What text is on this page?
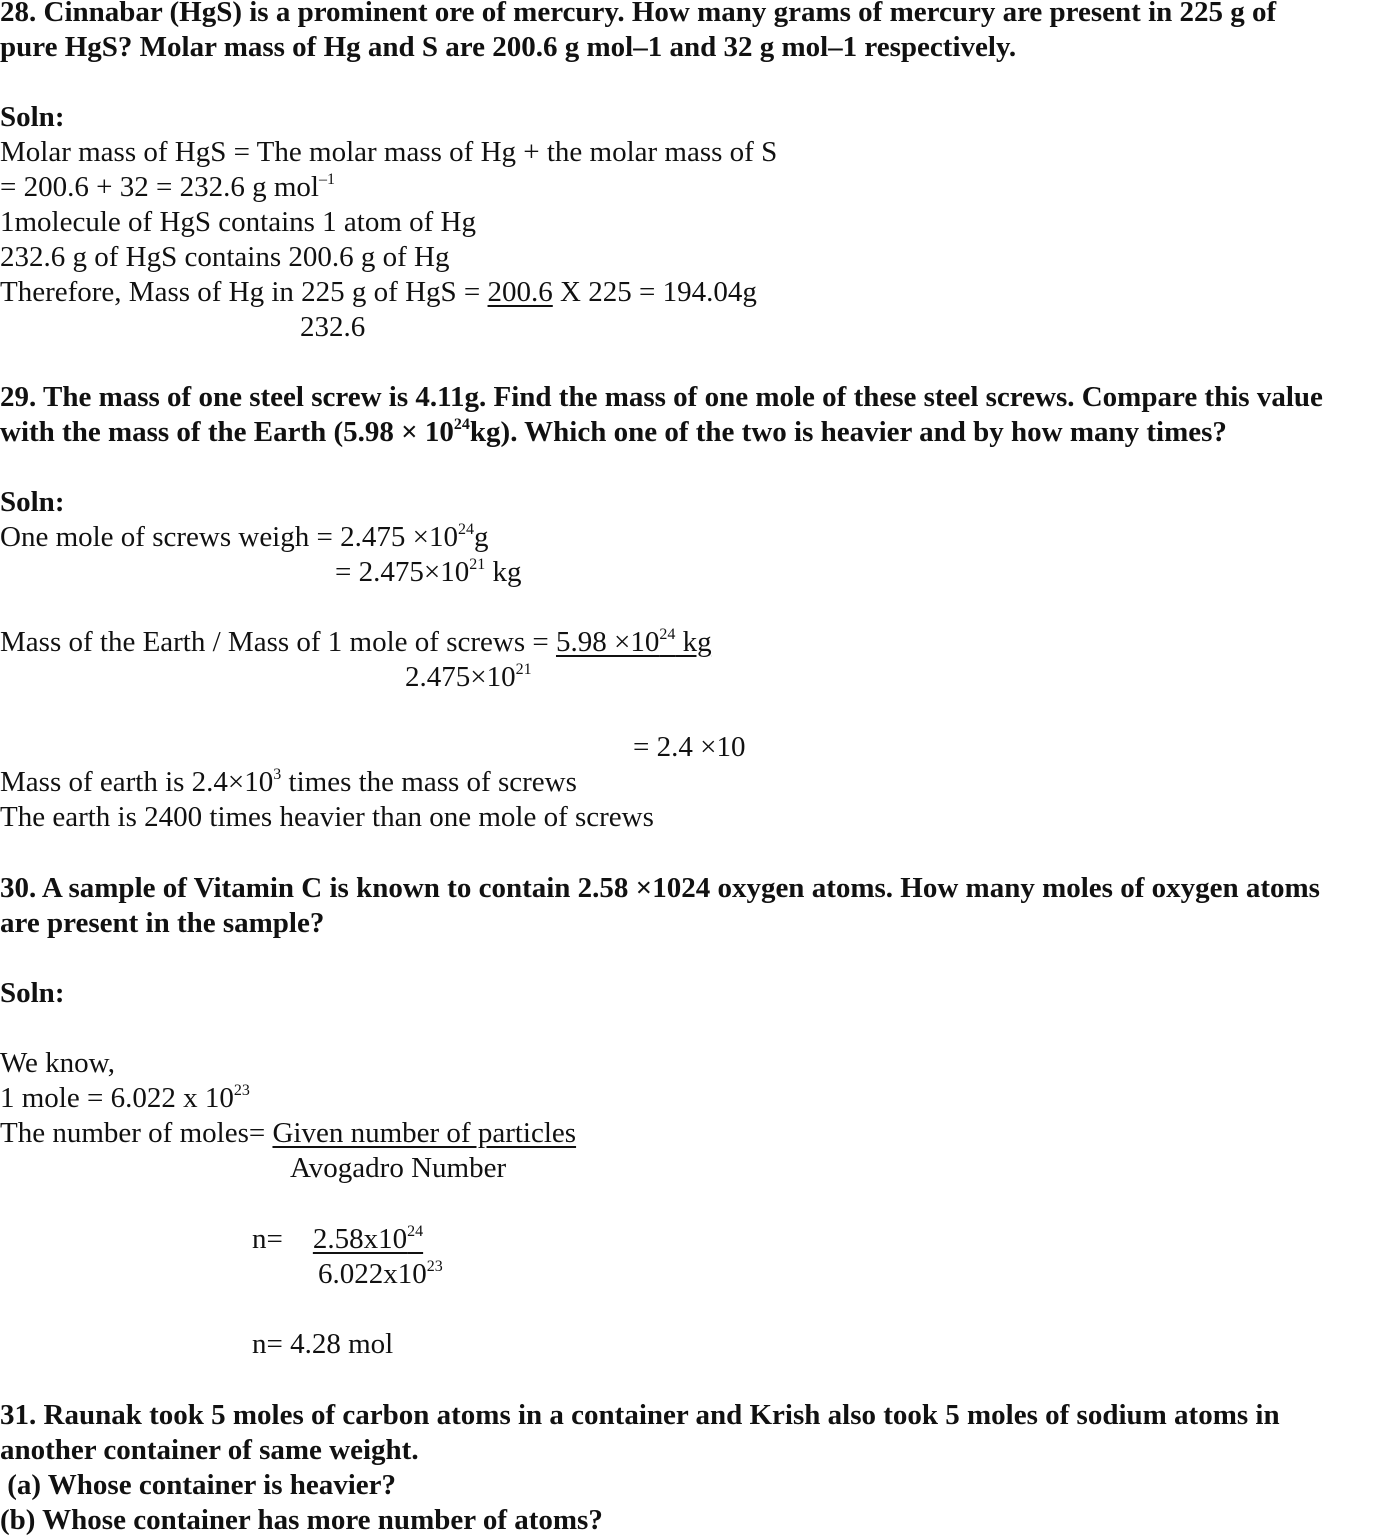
28. Cinnabar (HgS) is a prominent ore of mercury. How many grams of mercury are present in 225 g of
pure HgS? Molar mass of Hg and S are 200.6 g mol–1 and 32 g mol–1 respectively.
Soln:
Molar mass of HgS = The molar mass of Hg + the molar mass of S
= 200.6 + 32 = 232.6 g mol$^{-1}$
1molecule of HgS contains 1 atom of Hg
232.6 g of HgS contains 200.6 g of Hg
Therefore, Mass of Hg in 225 g of HgS = 200.6 X 225 = 194.04g
232.6
29. The mass of one steel screw is 4.11g. Find the mass of one mole of these steel screws. Compare this value
with the mass of the Earth $(5.98 \times 10^{24}kg)$. Which one of the two is heavier and by how many times?
Soln:
One mole of screws weigh = $2.475 \times 10^{24}g$
= $2.475\times 10^{21}$ kg
Mass of the Earth / Mass of 1 mole of screws = $5.98 \times 10^{24}$ kg
$2.475\times 10^{21}$
= 2.4 ×10
Mass of earth is $2.4\times 10^3$ times the mass of screws
The earth is 2400 times heavier than one mole of screws
30. A sample of Vitamin C is known to contain 2.58 ×1024 oxygen atoms. How many moles of oxygen atoms
are present in the sample?
Soln:
We know,
1 mole = 6.022 x $10^{23}$
The number of moles= Given number of particles
Avogadro Number
$n= 2.58x10^{24}$
$6.022x10^{23}$
n= 4.28 mol
31. Raunak took 5 moles of carbon atoms in a container and Krish also took 5 moles of sodium atoms in
another container of same weight.
(a) Whose container is heavier?
(b) Whose container has more number of atoms?
